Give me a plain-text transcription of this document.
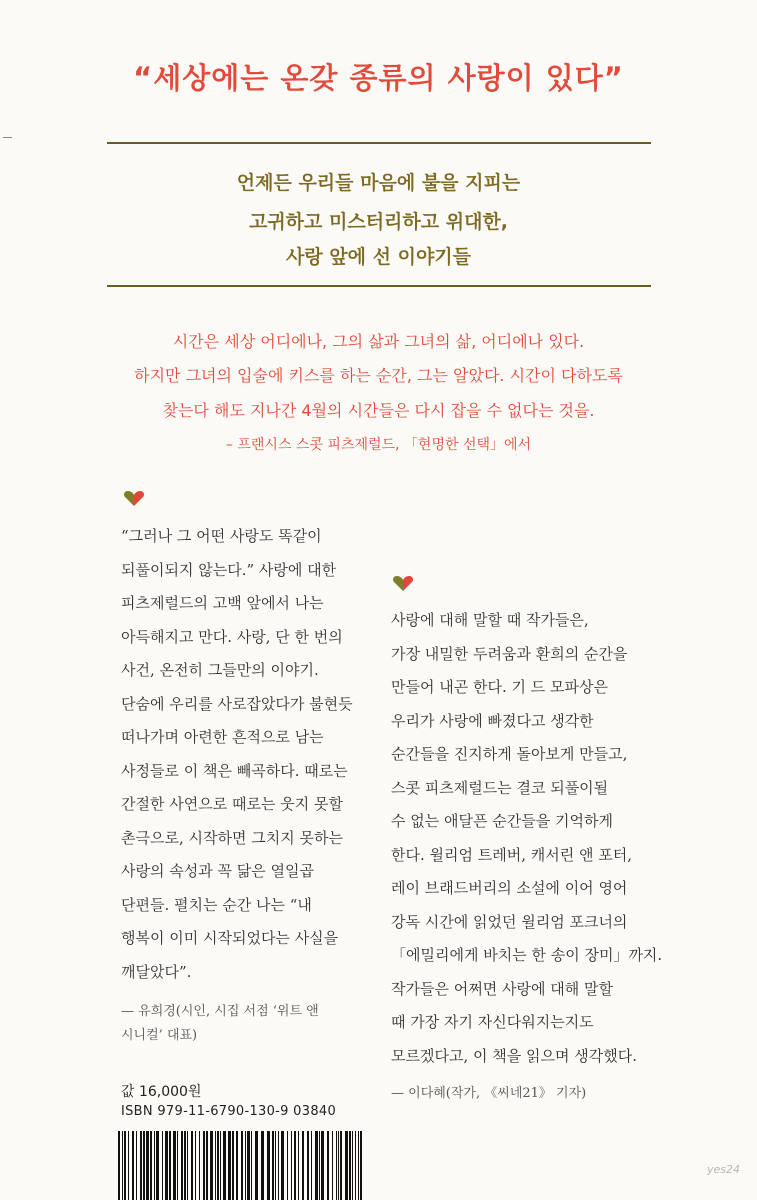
“세상에는 온갖 종류의 사랑이 있다”
언제든 우리들 마음에 불을 지피는
고귀하고 미스터리하고 위대한,
사랑 앞에 선 이야기들
시간은 세상 어디에나, 그의 삶과 그녀의 삶, 어디에나 있다.
하지만 그녀의 입술에 키스를 하는 순간, 그는 알았다. 시간이 다하도록
찾는다 해도 지나간 4월의 시간들은 다시 잡을 수 없다는 것을.
– 프랜시스 스콧 피츠제럴드, 「현명한 선택」에서
“그러나 그 어떤 사랑도 똑같이
되풀이되지 않는다.” 사랑에 대한
피츠제럴드의 고백 앞에서 나는
아득해지고 만다. 사랑, 단 한 번의
사건, 온전히 그들만의 이야기.
단숨에 우리를 사로잡았다가 불현듯
떠나가며 아련한 흔적으로 남는
사정들로 이 책은 빼곡하다. 때로는
간절한 사연으로 때로는 웃지 못할
촌극으로, 시작하면 그치지 못하는
사랑의 속성과 꼭 닮은 열일곱
단편들. 펼치는 순간 나는 “내
행복이 이미 시작되었다는 사실을
깨달았다”.
— 유희경(시인, 시집 서점 ‘위트 앤
시니컬’ 대표)
사랑에 대해 말할 때 작가들은,
가장 내밀한 두려움과 환희의 순간을
만들어 내곤 한다. 기 드 모파상은
우리가 사랑에 빠졌다고 생각한
순간들을 진지하게 돌아보게 만들고,
스콧 피츠제럴드는 결코 되풀이될
수 없는 애달픈 순간들을 기억하게
한다. 윌리엄 트레버, 캐서린 앤 포터,
레이 브래드버리의 소설에 이어 영어
강독 시간에 읽었던 윌리엄 포크너의
「에밀리에게 바치는 한 송이 장미」까지.
작가들은 어쩌면 사랑에 대해 말할
때 가장 자기 자신다워지는지도
모르겠다고, 이 책을 읽으며 생각했다.
— 이다혜(작가, 《씨네21》 기자)
값 16,000원
ISBN 979-11-6790-130-9 03840
yes24
